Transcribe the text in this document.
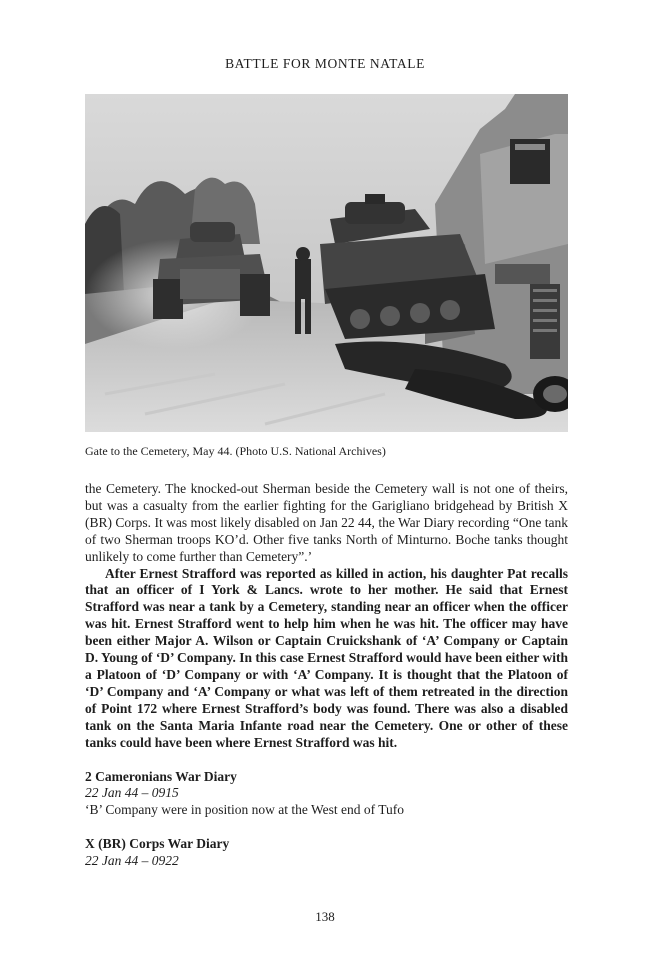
BATTLE FOR MONTE NATALE
Gate to the Cemetery, May 44. (Photo U.S. National Archives)

the Cemetery. The knocked-out Sherman beside the Cemetery wall is not one of theirs, but was a casualty from the earlier fighting for the Garigliano bridgehead by British X (BR) Corps. It was most likely disabled on Jan 22 44, the War Diary recording “One tank of two Sherman troops KO’d. Other five tanks North of Minturno. Boche tanks thought unlikely to come further than Cemetery”.’

After Ernest Strafford was reported as killed in action, his daughter Pat recalls that an officer of I York & Lancs. wrote to her mother. He said that Ernest Strafford was near a tank by a Cemetery, standing near an officer when the officer was hit. Ernest Strafford went to help him when he was hit. The officer may have been either Major A. Wilson or Captain Cruickshank of ‘A’ Company or Captain D. Young of ‘D’ Company. In this case Ernest Strafford would have been either with a Platoon of ‘D’ Company or with ‘A’ Company. It is thought that the Platoon of ‘D’ Company and ‘A’ Company or what was left of them retreated in the direction of Point 172 where Ernest Strafford’s body was found. There was also a disabled tank on the Santa Maria Infante road near the Cemetery. One or other of these tanks could have been where Ernest Strafford was hit.

2 Cameronians War Diary

22 Jan 44 – 0915

‘B’ Company were in position now at the West end of Tufo

X (BR) Corps War Diary

22 Jan 44 – 0922

138
